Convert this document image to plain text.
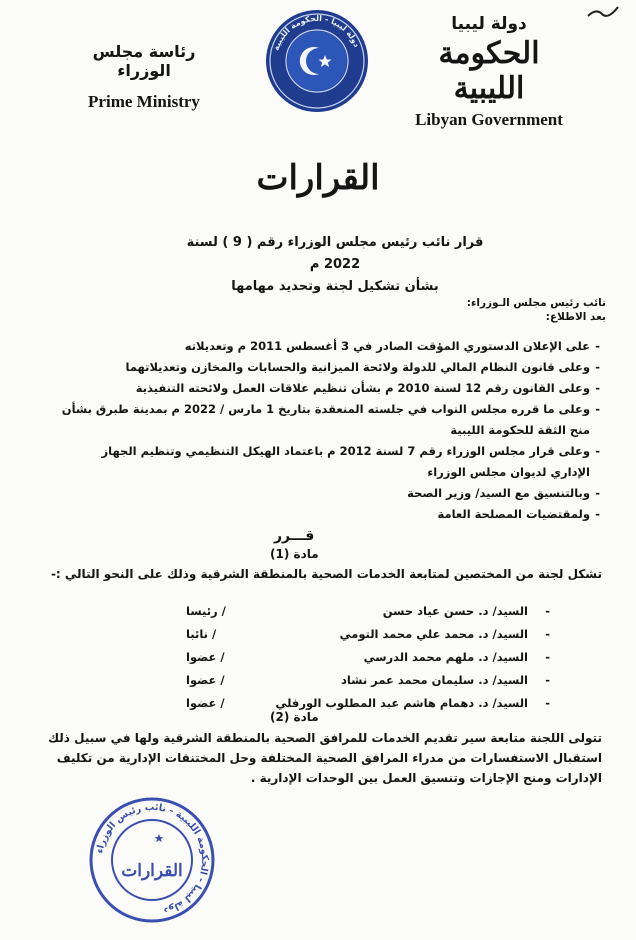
دولة ليبيا
الحكومة الليبية
Libyan Government
دولة ليبيا - الحكومة الليبية
رئاسة مجلس الوزراء
Prime Ministry
القرارات
قرار نائب رئيس مجلس الوزراء رقم ( 9 ) لسنة 2022 م
بشأن تشكيل لجنة وتحديد مهامها
نائب رئيس مجلس الـوزراء:
بعد الاطلاع:
-
على الإعلان الدستوري المؤقت الصادر في 3 أغسطس 2011 م وتعديلاته
-
وعلى قانون النظام المالي للدولة ولائحة الميزانية والحسابات والمخازن وتعديلاتهما
-
وعلى القانون رقم 12 لسنة 2010 م بشأن تنظيم علاقات العمل ولائحته التنفيذية
-
وعلى ما قرره مجلس النواب في جلسته المنعقدة بتاريخ 1 مارس / 2022 م بمدينة طبرق بشأن منح الثقة للحكومة الليبية
-
وعلى قرار مجلس الوزراء رقم 7 لسنة 2012 م باعتماد الهيكل التنظيمي وتنظيم الجهاز الإداري لديوان مجلس الوزراء
-
وبالتنسيق مع السيد/ وزير الصحة
-
ولمقتضيات المصلحة العامة
قـــرر
مادة (1)
تشكل لجنة من المختصين لمتابعة الخدمات الصحية بالمنطقة الشرقية وذلك على النحو التالي :-
-
السيد/ د. حسن عياد حسن
/ رئيسا
-
السيد/ د. محمد علي محمد التومي
/ نائبا
-
السيد/ د. ملهم محمد الدرسي
/ عضوا
-
السيد/ د. سليمان محمد عمر نشاد
/ عضوا
-
السيد/ د. دهمام هاشم عبد المطلوب الورفلي
/ عضوا
مادة (2)
تتولى اللجنة متابعة سير تقديم الخدمات للمرافق الصحية بالمنطقة الشرقية ولها في سبيل ذلك استقبال الاستفسارات من مدراء المرافق الصحية المختلفة وحل المختنقات الإدارية من تكليف الإدارات ومنح الإجازات وتنسيق العمل بين الوحدات الإدارية .
دولة ليبيا - الحكومة الليبية - نائب رئيس الوزراء
القرارات
